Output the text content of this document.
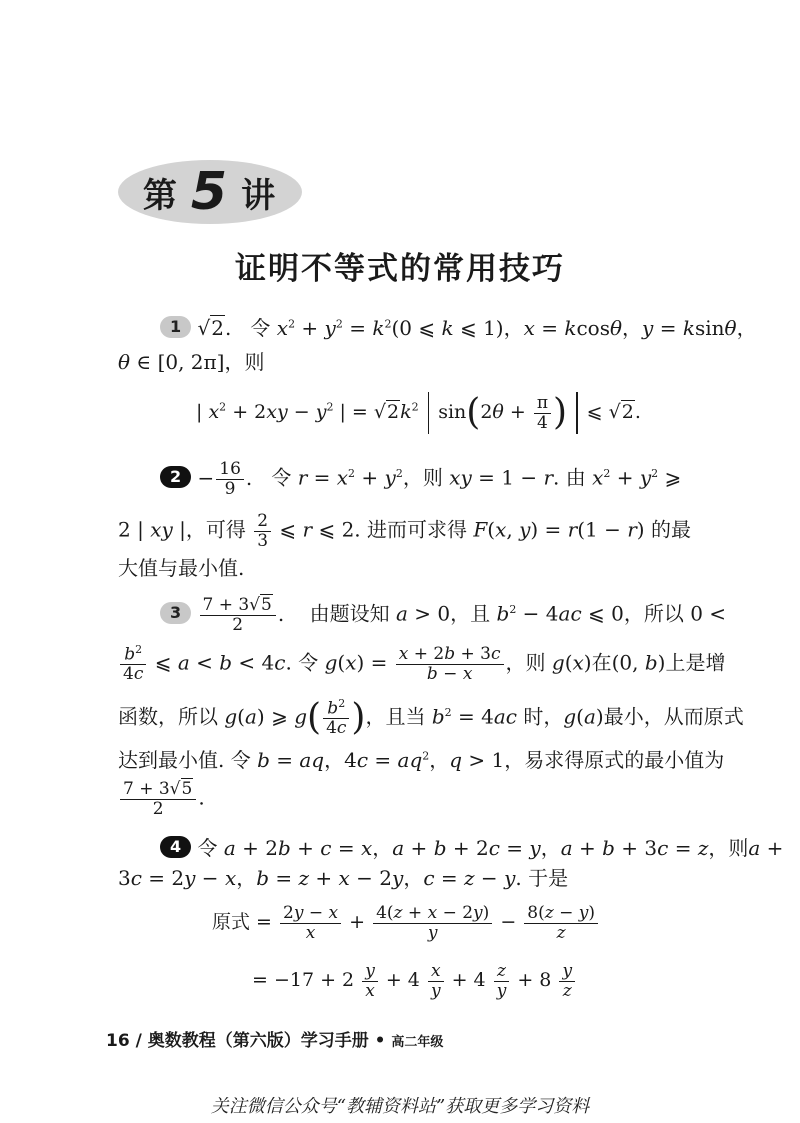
第 5 讲
证明不等式的常用技巧
1 √2.   令 $x^2 + y^2 = k^2(0$ ⩽ k ⩽ 1)，x = kcosθ，y = ksinθ，
θ ∈ [0, 2π]，则
| $x^2 + 2xy - y^2$ | = $√2k^2$  $\sin(2\theta + \frac{\pi}{4}$ )  ⩽ √2.
$2 - \frac{16}{9}$ .   令 $r = x^2 + y^2$，则 xy = 1 − r. 由 $x^2 + y^2$ ⩾
2 | xy |，可得 $\frac{2}{3}$ ⩽ r ⩽ 2. 进而可求得 F(x, y) = r(1 − r) 的最
大值与最小值.
$3 \frac{7 + 3√5}{2}$ .    由题设知 a > 0，且 $b^2 - 4ac$ ⩽ 0，所以 0 <
$\frac{b^2}{4c}$ ⩽ a < b < 4c. 令 $g(x) = \frac{x + 2b + 3c}{b - x}$ ，则 g(x)在(0, b)上是增
函数，所以 g(a) ⩾ $g( \frac{b^2}{4c}$ )，且当 $b^2 = 4ac$ 时，g(a)最小，从而原式
达到最小值. 令 b = aq，$4c = aq^2$，q > 1，易求得原式的最小值为
$\frac{7 + 3√5}{2}$ .
4 令 a + 2b + c = x，a + b + 2c = y，a + b + 3c = z，则a +
3c = 2y − x，b = z + x − 2y，c = z − y. 于是
原式 = $\frac{2y - x}{x} + \frac{4(z + x - 2y)}{y} - \frac{8(z - y)}{z}$
= $-17 + 2 \frac{y}{x} + 4 \frac{x}{y} + 4 \frac{z}{y} + 8 \frac{y}{z}$
16 / 奥数教程（第六版）学习手册 • 高二年级
关注微信公众号“教辅资料站”获取更多学习资料
